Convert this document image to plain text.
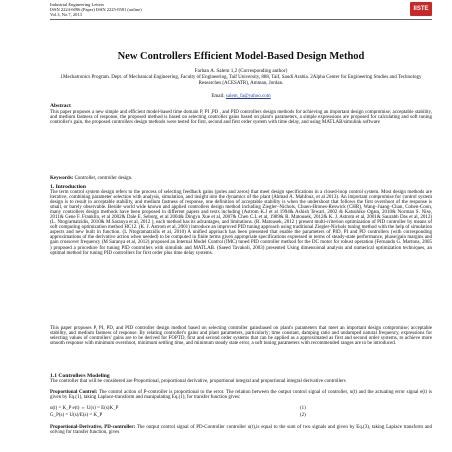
Industrial Engineering Letters
ISSN 2224-6096 (Paper) ISSN 2225-0581 (online)
Vol.3, No.7, 2013
IISTE
New Controllers Efficient Model-Based Design Method
Farhan A. Salem 1,2 (Corresponding author)
1Mechatronics Program. Dept. of Mechanical Engineering, Faculty of Engineering, Taif University, 888, Taif, Saudi Arabia. 2Alpha Center for Engineering Studies and Technology Researches (ACESATR), Amman, Jordan.
Email: salem_fa@yahoo.com
Abstract
This paper proposes a new simple and efficient model-based time domain P, PI ,PD , and PID controllers design methods for achieving an important design compromise; acceptable stability, and medium fastness of response, the proposed method is based on selecting controller gains based on plant's parameters, a simple expressions are proposed for calculating and soft tuning controller's gain, the proposed controllers design methods were tested for first, second and first order system with time delay, and using MATLAB/simulink software
Keywords: Controller, controller design.
1. Introduction
The term control system design refers to the process of selecting feedback gains (poles and zeros) that meet design specifications in a closed-loop control system. Most design methods are iterative, combining parameter selection with analysis, simulation, and insight into the dynamics of the plant (Ahmad A. Mahfouz, et al 2013). An important compromise for control system design is to result in acceptable stability, and medium fastness of response, one definition of acceptable stability is when the undershoot that follows the first overshoot of the response is small, or barely observable. Beside world wide known and applied controllers design method including Ziegler–Nichols, Chuen-Hrones-Reswick (CHR), Wang–Juang–Chan, Cohen-Coon, many controllers design methods have been proposed in different papers and texts including (Astrom K.J et al 1994& Ashish Tewari, 2002 & Katsuhiko Ogata, 2010& Norman S. Nise, 2011& Gene F. Franklin, et al 2002& Dale E. Seborg, et al 2004& Dingyu Xue et al, 2007& Chen C.L et al, 1989& R. Matousek, 2012& K. J. Astrom et al, 2001& Saurabh Das et al, 2012) (L. Ntogramatzidis, 2010& M.Saranya et al, 2012 ), each method has its advantages, and limitations. (R. Matousek, 2012 ) present multi-criterion optimization of PID controller by means of soft computing optimization method HC12. (K. J. Astrom et al, 2001) introduce an improved PID tuning approach using traditional Ziegler-Nichols tuning method with the help of simulation aspects and new built in function. (L Ntogramatzidis et al, 2010) A unified approach has been presented that enable the parameters of PID, PI and PD controllers (with corresponding approximations of the derivative action when needed) to be computed in finite terms given appropriate specifications expressed in terms of steady-state performance, phase/gain margins and gain crossover frequency (M Saranya et al, 2012) proposed an Internal Model Control (IMC) tuned PID controller method for the DC motor for robust operation (Fernando G. Martons, 2005 ) proposed a procedure for tuning PID controllers with simulink and MATLAB. (Saeed Tavakoli, 2003) presented Using dimensional analysis and numerical optimization techniques, an optimal method for tuning PID controllers for first order plus time delay systems.
This paper proposes P, PI, PD, and PID controller design method based on selecting controller gainsbased on plant's parameters that meet an important design compromise; acceptable stability, and medium fastness of response. By relating controller's gains and plant parameters, particularly; time constant, damping ratio and undamped natural frequency, expressions for selecting values of controllers' gains are to be derived for FOPTD, first and second order systems that can be applied as a approximated as first and second order systems, to achieve more smooth response with minimum overshoot, minimum settling time, and minimum steady state error, a soft tuning parameters with recommended ranges are to be introduced.
1.1 Controllers Modeling
The controller that will be considered are Proportional, proportional derivative, proportional integral and proportional integral derivative controllers
Proportional Control: The control action of P-controller is proportional to the error. The relation between the output control signal of controller, u(t) and the actuating error signal e(t) is given by Eq.(1), taking Laplace-transform and manipulating Eq.(1), for transfer function gives:
u(t) = K_P e(t) ⇔ U(s) = E(s)K_P	(1)
G_P(s) = U(s)/E(s) = K_P	(2)
Proportional-Derivative, PD-controller: The output control signal of PD-Controller controller u(t),is equal to the sum of two signals and given by Eq.(3), taking Laplace transform and solving for transfer function, gives
